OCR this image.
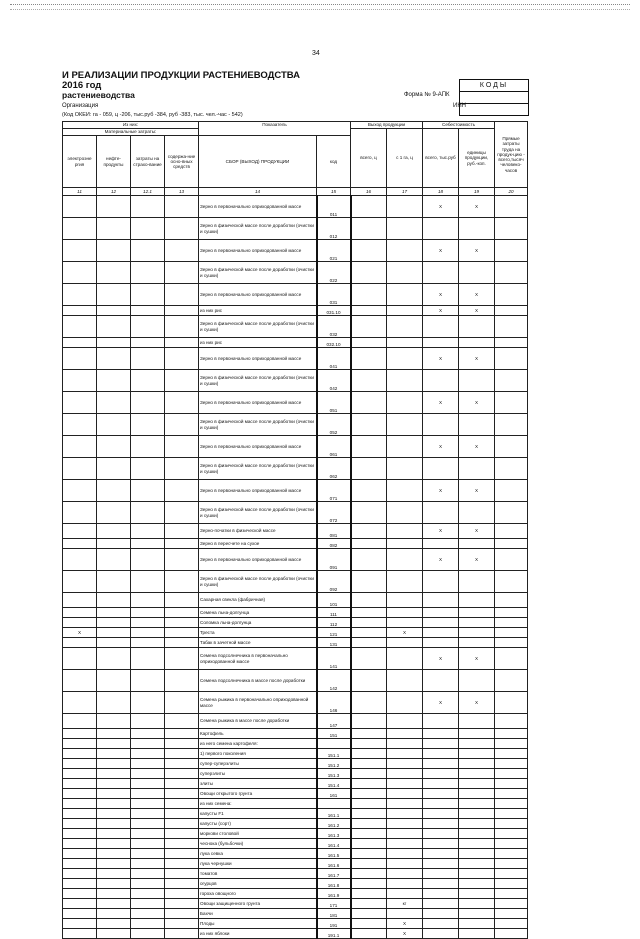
34
И РЕАЛИЗАЦИИ ПРОДУКЦИИ РАСТЕНИЕВОДСТВА
2016 год
растениеводства
Организация
(Код ОКЕИ: га - 059, ц -206, тыс.руб -384, руб -383, тыс. чел.-час - 542)
Форма № 9-АПК
ИНН
КОДЫ
Из них:				Показатель		Выход продукции		Себестоимость		Прямые затраты труда на продук-цию - всего,тысяч человеко-часов
Материальные затраты:						всего, ц	с 1 га, ц	всего, тыс.руб	единицы продукции, руб.-коп.	
электроэне ргия	нефте-продукты	затраты на страхо-вание	содержа-ние осно-вных средств	СБОР (ВЫХОД) ПРОДУКЦИИ	код					
11	12	12.1	13	14	15	16	17	18	19	20
				Зерно в первоначально оприходованной массе	011			X	X	
				Зерно в физической массе после доработки (очистки и сушки)	012					
				Зерно в первоначально оприходованной массе	021			X	X	
				Зерно в физической массе после доработки (очистки и сушки)	022					
				Зерно в первоначально оприходованной массе	031			X	X	
				из них рис	031.10			X	X	
				Зерно в физической массе после доработки (очистки и сушки)	032					
				из них рис	032.10					
				Зерно в первоначально оприходованной массе	041			X	X	
				Зерно в физической массе после доработки (очистки и сушки)	042					
				Зерно в первоначально оприходованной массе	051			X	X	
				Зерно в физической массе после доработки (очистки и сушки)	052					
				Зерно в первоначально оприходованной массе	061			X	X	
				Зерно в физической массе после доработки (очистки и сушки)	062					
				Зерно в первоначально оприходованной массе	071			X	X	
				Зерно в физической массе после доработки (очистки и сушки)	072					
				Зерно-початки в физической массе	081			X	X	
				Зерно в пересчете на сухое	082					
				Зерно в первоначально оприходованной массе	091			X	X	
				Зерно в физической массе после доработки (очистки и сушки)	092					
				Сахарная свекла (фабричная)	101					
				Семена льна-долгунца	111					
				Соломка льна-долгунца	112					
X				Треста	121		X			
				Табак в зачетной массе	131					
				Семена подсолнечника в первоначально оприходованной массе	141			X	X	
				Семена подсолнечника в массе после доработки	142					
				Семена рыжика в первоначально оприходованной массе	146			X	X	
				Семена рыжика в массе после доработки	147					
				Картофель	151					
				из него семена картофеля:						
				1) первого поколения	151.1					
				супер-суперэлиты	151.2					
				суперэлиты	151.3					
				элиты	151.4					
				Овощи открытого грунта	161					
				из них семена:						
				капусты F1	161.1					
				капусты (сорт)	161.2					
				моркови столовой	161.3					
				чеснока (бульбочки)	161.4					
				лука севка	161.5					
				лука чернушки	161.6					
				томатов	161.7					
				огурцов	161.8					
				гороха овощного	161.9					
				Овощи защищенного грунта	171		кг			
				Бахчи	181					
				Плоды	191		X			
				из них яблоки	191.1		X			
